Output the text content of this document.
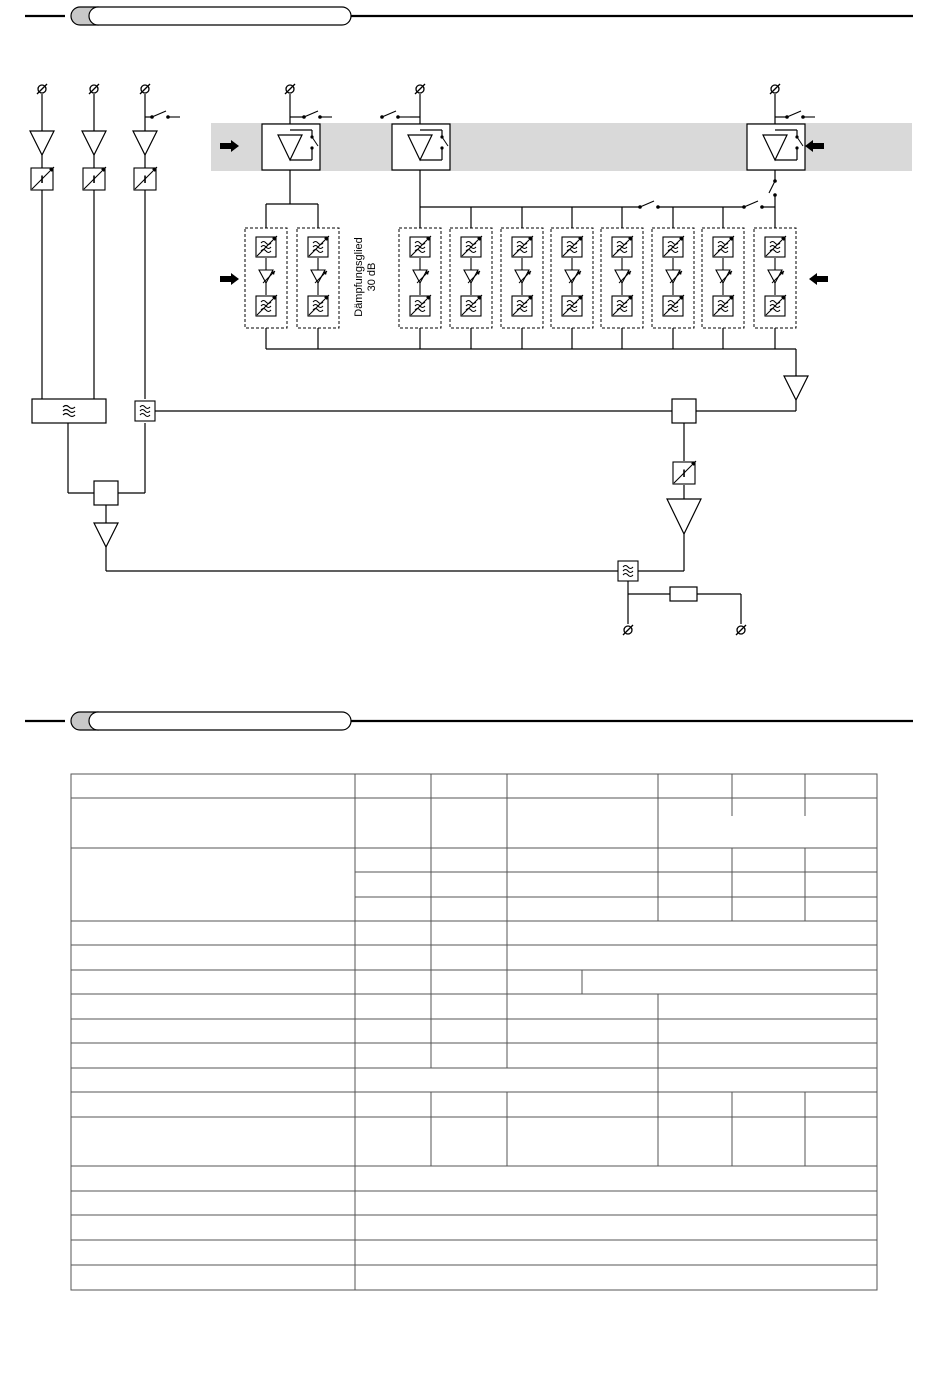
Dämpfungsglied 30 dB
